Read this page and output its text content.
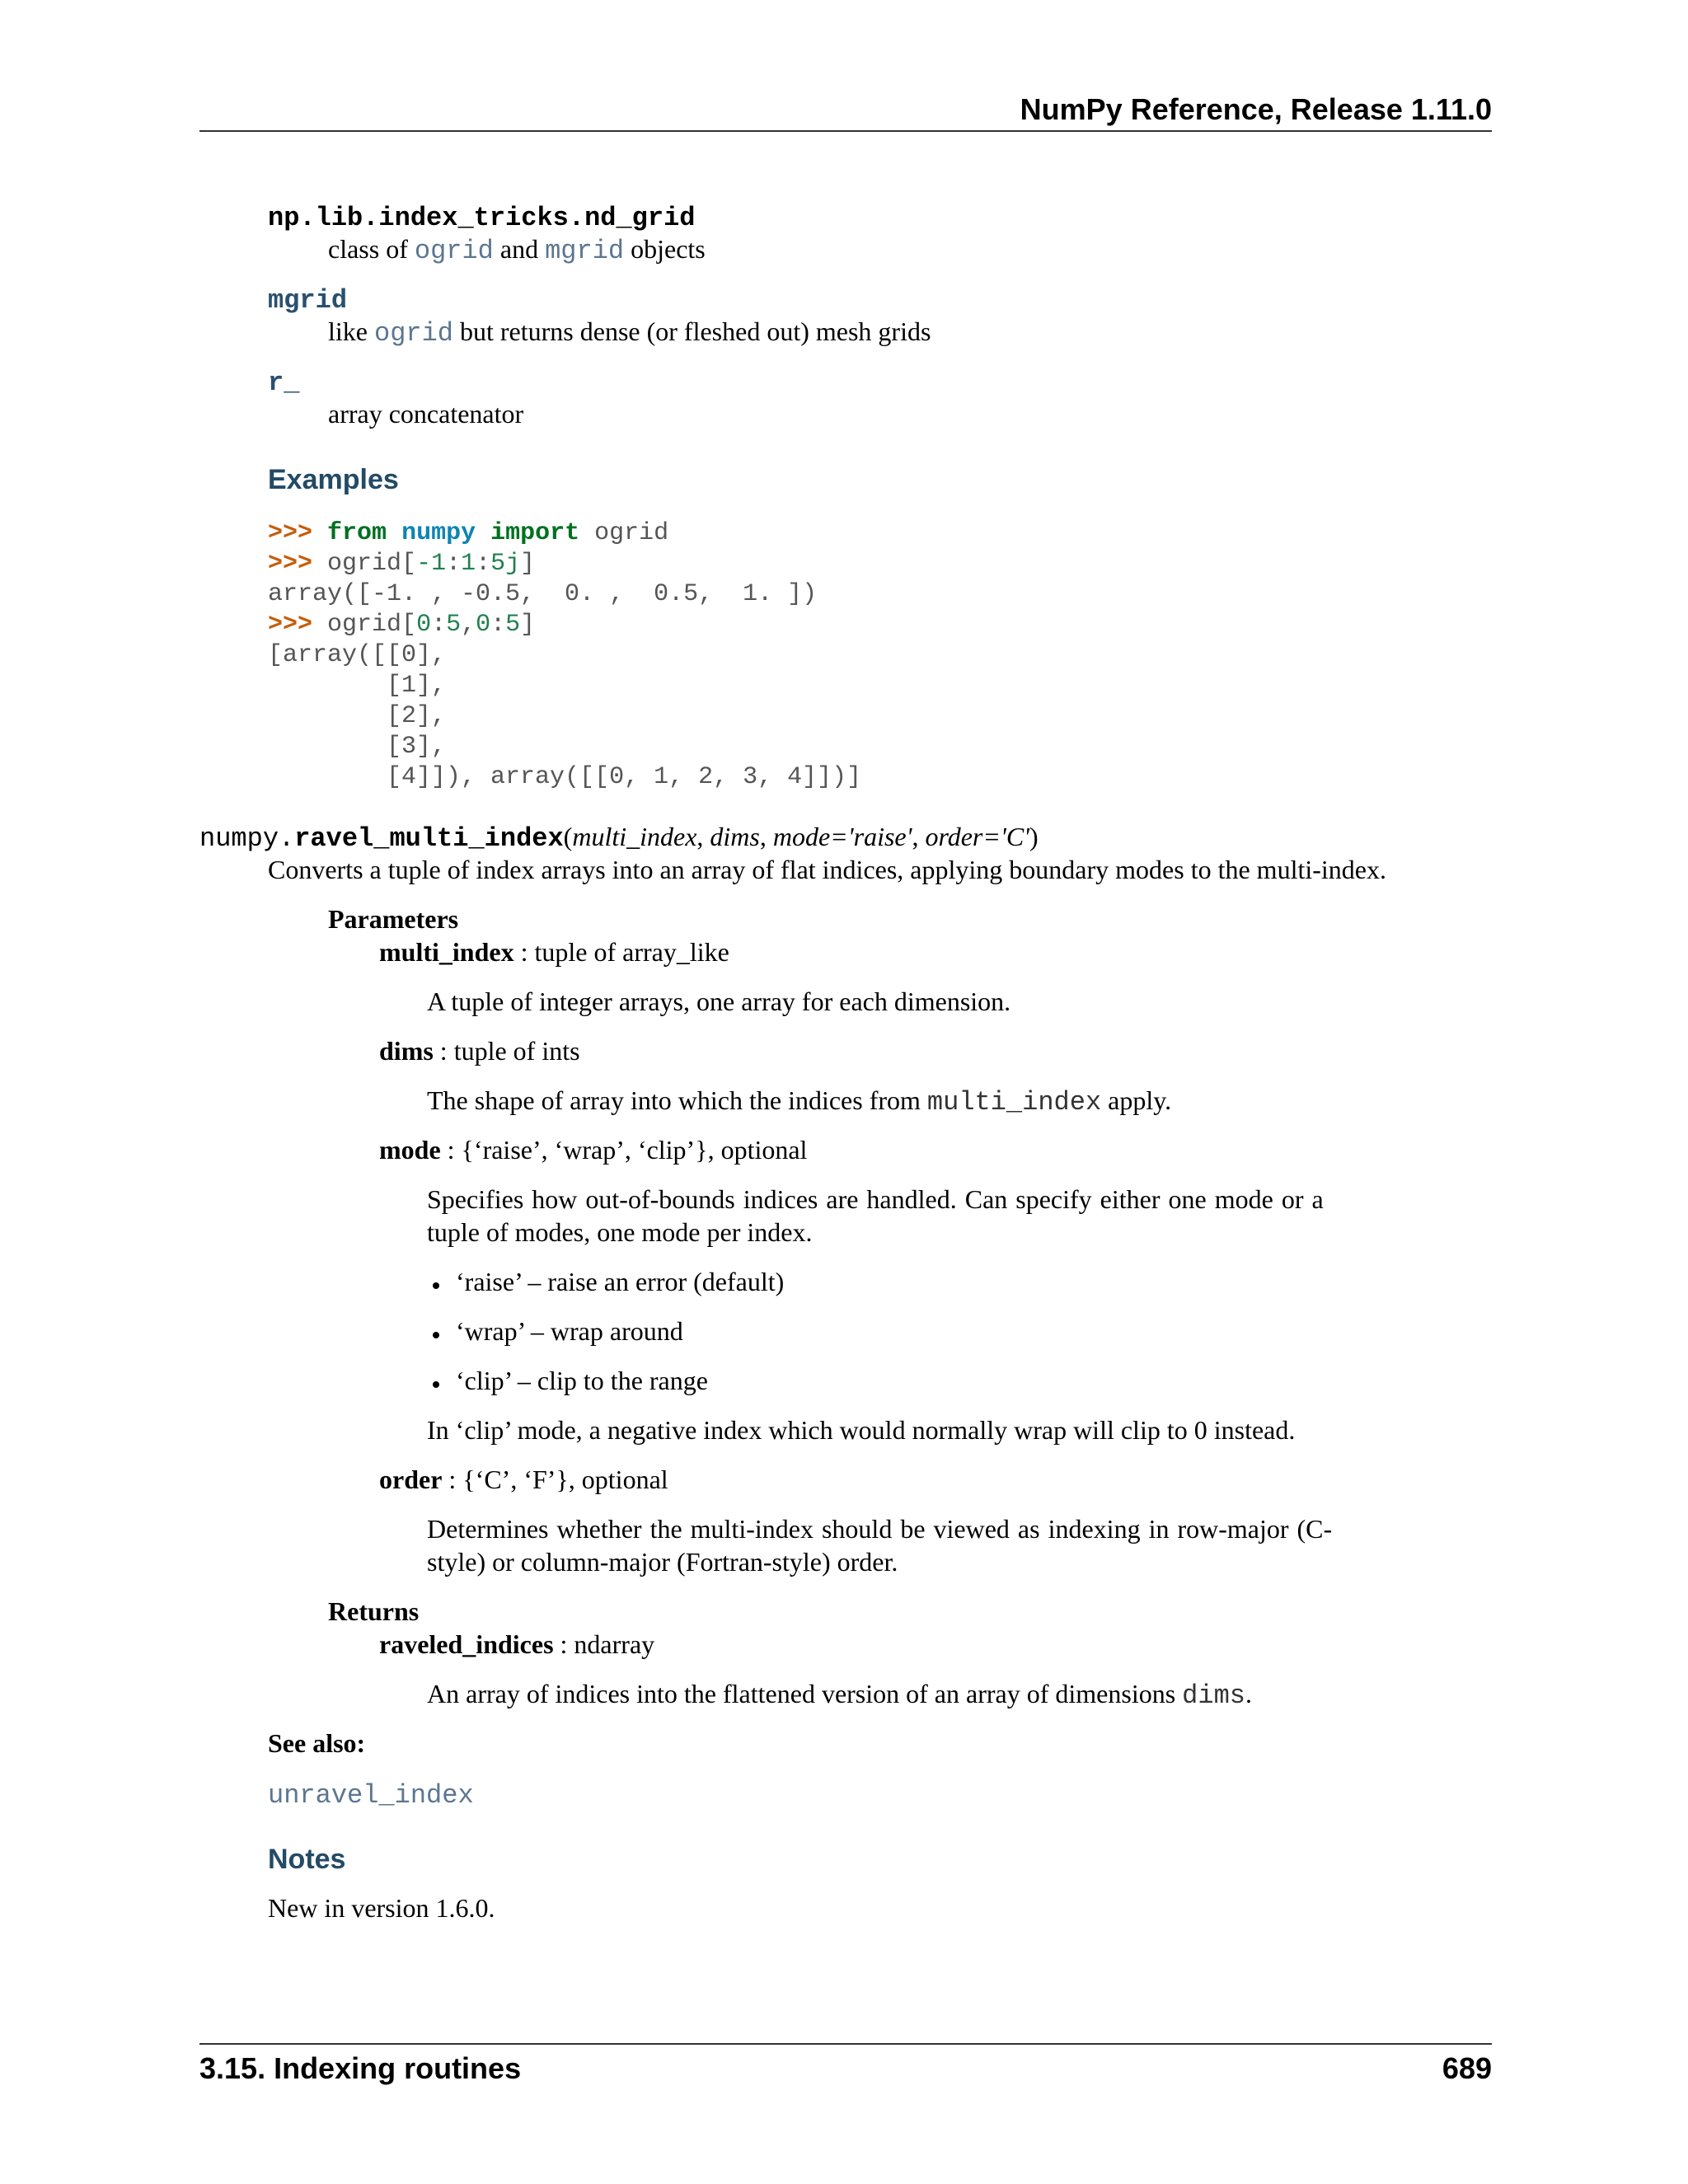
NumPy Reference, Release 1.11.0
np.lib.index_tricks.nd_grid
class of ogrid and mgrid objects
mgrid
like ogrid but returns dense (or fleshed out) mesh grids
r_
array concatenator
Examples
>>> from numpy import ogrid
>>> ogrid[-1:1:5j]
array([-1. , -0.5,  0. ,  0.5,  1. ])
>>> ogrid[0:5,0:5]
[array([[0],
[1],
[2],
[3],
[4]]), array([[0, 1, 2, 3, 4]])]
numpy.ravel_multi_index(multi_index, dims, mode='raise', order='C')
Converts a tuple of index arrays into an array of flat indices, applying boundary modes to the multi-index.
Parameters
multi_index : tuple of array_like
A tuple of integer arrays, one array for each dimension.
dims : tuple of ints
The shape of array into which the indices from multi_index apply.
mode : {‘raise’, ‘wrap’, ‘clip’}, optional
Specifies how out-of-bounds indices are handled. Can specify either one mode or a
tuple of modes, one mode per index.
‘raise’ – raise an error (default)
‘wrap’ – wrap around
‘clip’ – clip to the range
In ‘clip’ mode, a negative index which would normally wrap will clip to 0 instead.
order : {‘C’, ‘F’}, optional
Determines whether the multi-index should be viewed as indexing in row-major (C-
style) or column-major (Fortran-style) order.
Returns
raveled_indices : ndarray
An array of indices into the flattened version of an array of dimensions dims.
See also:
unravel_index
Notes
New in version 1.6.0.
3.15. Indexing routines	689
